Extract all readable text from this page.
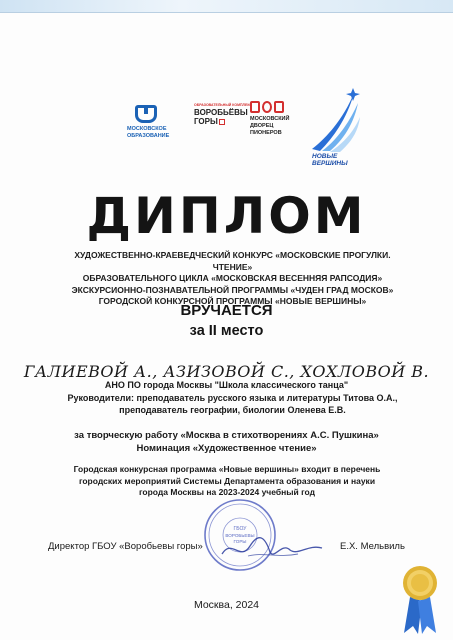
МОСКОВСКОЕ
ОБРАЗОВАНИЕ
ОБРАЗОВАТЕЛЬНЫЙ КОМПЛЕКС
ВОРОБЬЁВЫ
ГОРЫ	МОСКОВСКИЙ
ДВОРЕЦ
ПИОНЕРОВ
НОВЫЕ
ВЕРШИНЫ
ДИПЛОМ
ХУДОЖЕСТВЕННО-КРАЕВЕДЧЕСКИЙ КОНКУРС «МОСКОВСКИЕ ПРОГУЛКИ. ЧТЕНИЕ»
ОБРАЗОВАТЕЛЬНОГО ЦИКЛА «МОСКОВСКАЯ ВЕСЕННЯЯ РАПСОДИЯ»
ЭКСКУРСИОННО-ПОЗНАВАТЕЛЬНОЙ ПРОГРАММЫ «ЧУДЕН ГРАД МОСКОВ»
ГОРОДСКОЙ КОНКУРСНОЙ ПРОГРАММЫ «НОВЫЕ ВЕРШИНЫ»
ВРУЧАЕТСЯ
за II место
ГАЛИЕВОЙ А., АЗИЗОВОЙ С., ХОХЛОВОЙ В.
АНО ПО города Москвы "Школа классического танца"
Руководители: преподаватель русского языка и литературы Титова О.А.,
преподаватель географии, биологии Оленева Е.В.
за творческую работу «Москва в стихотворениях А.С. Пушкина»
Номинация «Художественное чтение»
Городская конкурсная программа «Новые вершины» входит в перечень
городских мероприятий Системы Департамента образования и науки
города Москвы на 2023-2024 учебный год
ГБОУ
ВОРОБЬЕВЫ
ГОРЫ
Директор ГБОУ «Воробьевы горы»	Е.Х. Мельвиль
Москва, 2024
